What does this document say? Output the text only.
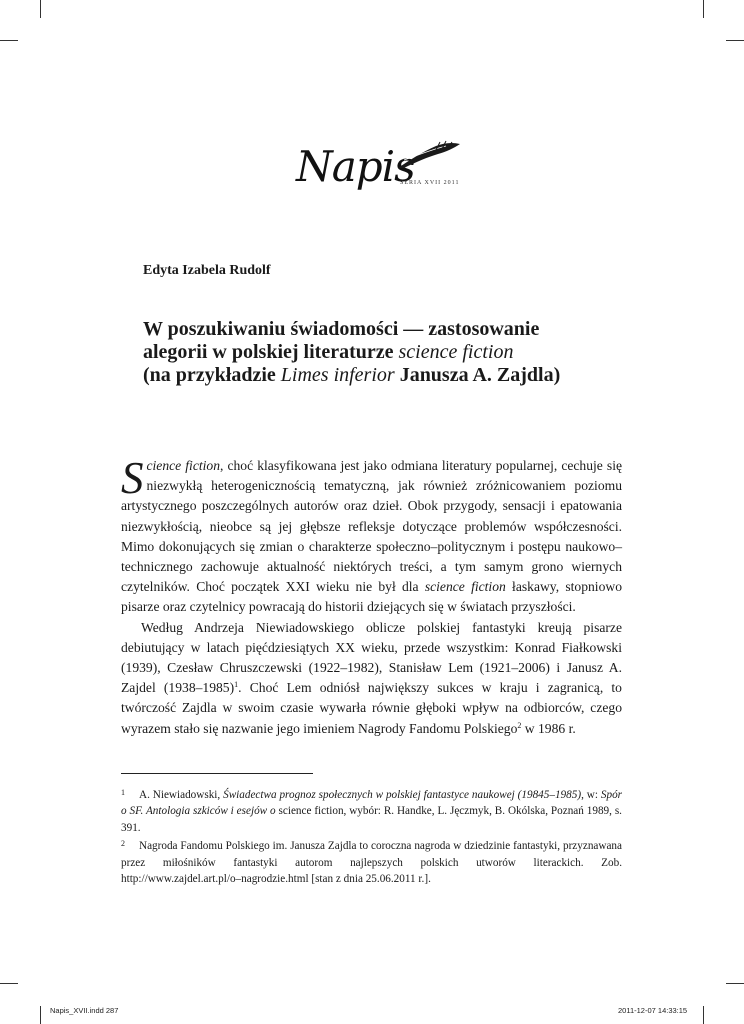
Napis
SERIA XVII 2011

Edyta Izabela Rudolf

W poszukiwaniu świadomości — zastosowanie
alegorii w polskiej literaturze science fiction
(na przykładzie Limes inferior Janusza A. Zajdla)

Science fiction, choć klasyfikowana jest jako odmiana literatury popularnej, cechuje się niezwykłą heterogenicznością tematyczną, jak również zróżnicowaniem poziomu artystycznego poszczególnych autorów oraz dzieł. Obok przygody, sensacji i epatowania niezwykłością, nieobce są jej głębsze refleksje dotyczące problemów współczesności. Mimo dokonujących się zmian o charakterze społeczno–politycznym i postępu naukowo–technicznego zachowuje aktualność niektórych treści, a tym samym grono wiernych czytelników. Choć początek XXI wieku nie był dla science fiction łaskawy, stopniowo pisarze oraz czytelnicy powracają do historii dziejących się w światach przyszłości.

Według Andrzeja Niewiadowskiego oblicze polskiej fantastyki kreują pisarze debiutujący w latach pięćdziesiątych XX wieku, przede wszystkim: Konrad Fiałkowski (1939), Czesław Chruszczewski (1922–1982), Stanisław Lem (1921–2006) i Janusz A. Zajdel (1938–1985)$^1$. Choć Lem odniósł największy sukces w kraju i zagranicą, to twórczość Zajdla w swoim czasie wywarła równie głęboki wpływ na odbiorców, czego wyrazem stało się nazwanie jego imieniem Nagrody Fandomu Polskiego$^2$ w 1986 r.

1 A. Niewiadowski, Świadectwa prognoz społecznych w polskiej fantastyce naukowej (19845–1985), w: Spór o SF. Antologia szkiców i esejów o science fiction, wybór: R. Handke, L. Jęczmyk, B. Okólska, Poznań 1989, s. 391.

2 Nagroda Fandomu Polskiego im. Janusza Zajdla to coroczna nagroda w dziedzinie fantastyki, przyznawana przez miłośników fantastyki autorom najlepszych polskich utworów literackich. Zob. http://www.zajdel.art.pl/o–nagrodzie.html [stan z dnia 25.06.2011 r.].

Napis_XVII.indd 287	2011-12-07 14:33:15
